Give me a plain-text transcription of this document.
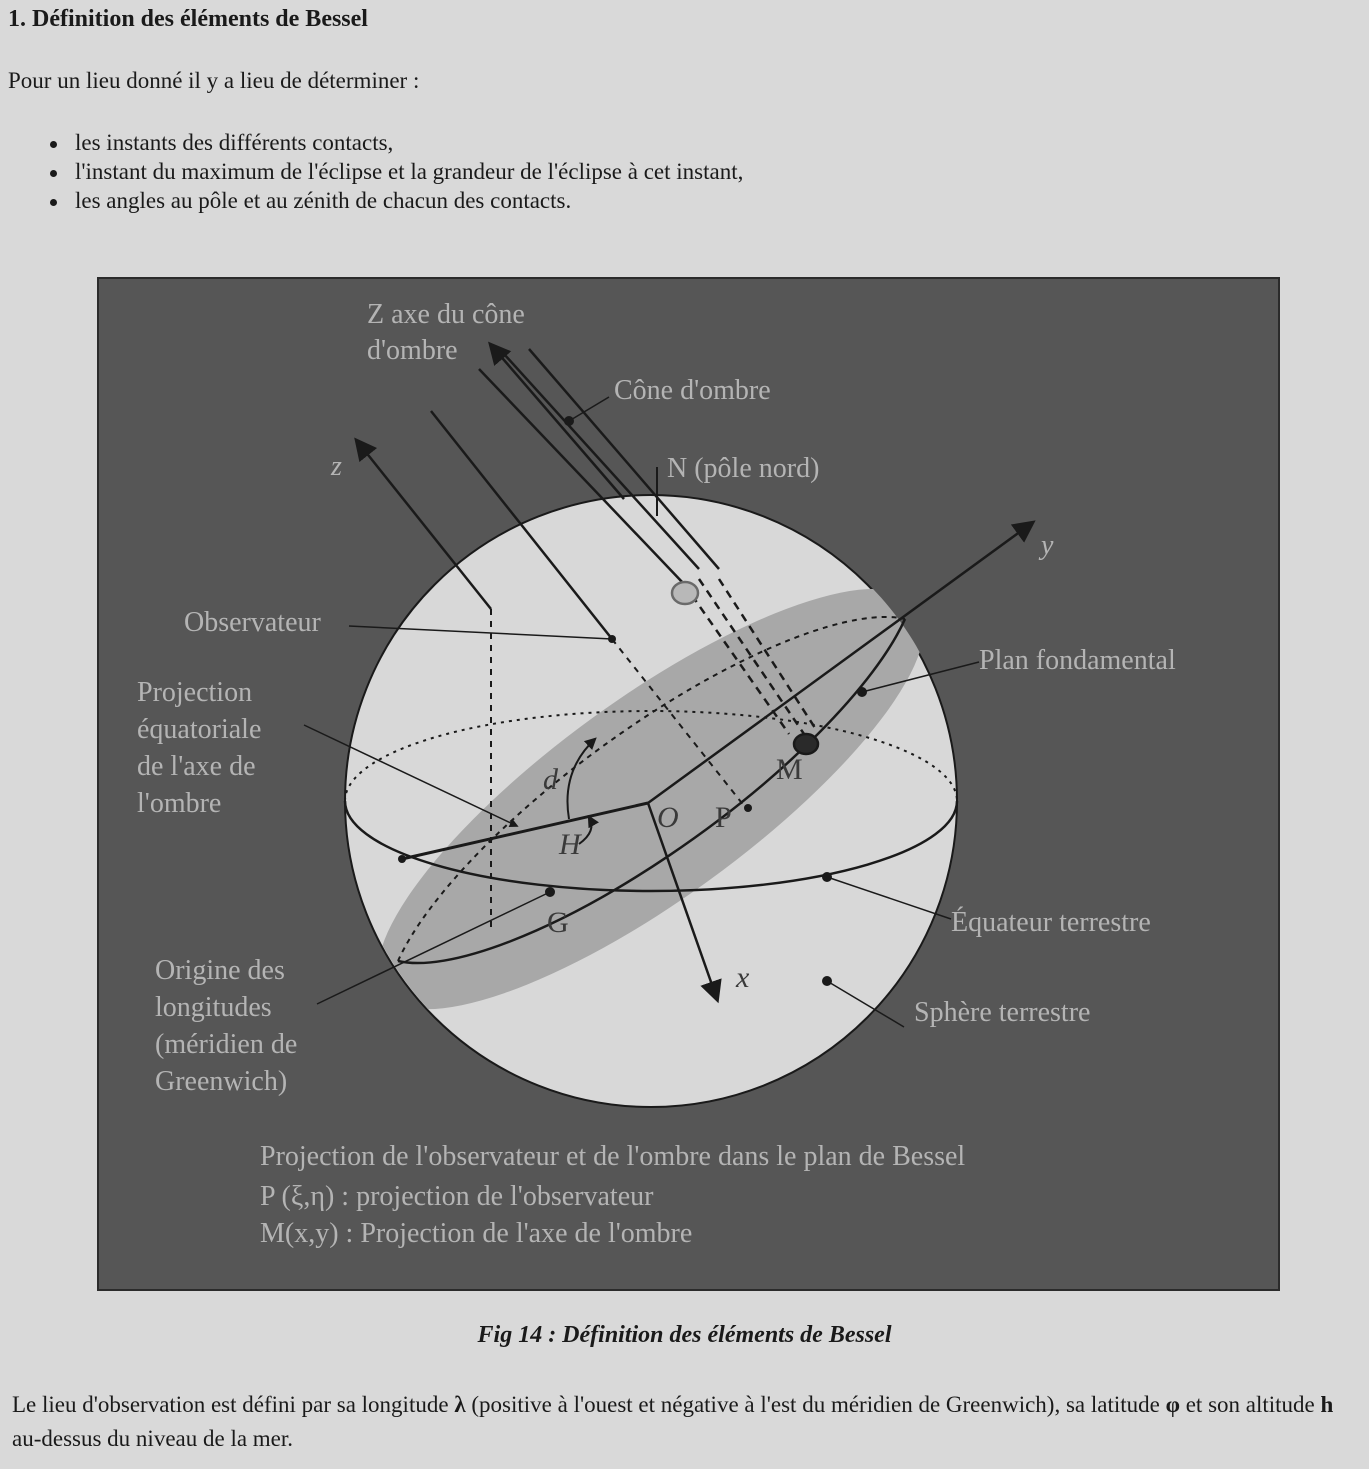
1. Définition des éléments de Bessel

Pour un lieu donné il y a lieu de déterminer :

les instants des différents contacts,
l'instant du maximum de l'éclipse et la grandeur de l'éclipse à cet instant,
les angles au pôle et au zénith de chacun des contacts.
Z axe du cône
d'ombre
Cône d'ombre
N (pôle nord)
z
y
x
Observateur
Plan fondamental
Projection
équatoriale
de l'axe de
l'ombre
d	M
O P
H
G	Équateur terrestre
Sphère terrestre
Origine des
longitudes
(méridien de
Greenwich)
Projection de l'observateur et de l'ombre dans le plan de Bessel
P (ξ,η) : projection de l'observateur
M(x,y) : Projection de l'axe de l'ombre

Fig 14 : Définition des éléments de Bessel

Le lieu d'observation est défini par sa longitude λ (positive à l'ouest et négative à l'est du méridien de Greenwich), sa latitude φ et son altitude h au-dessus du niveau de la mer.
